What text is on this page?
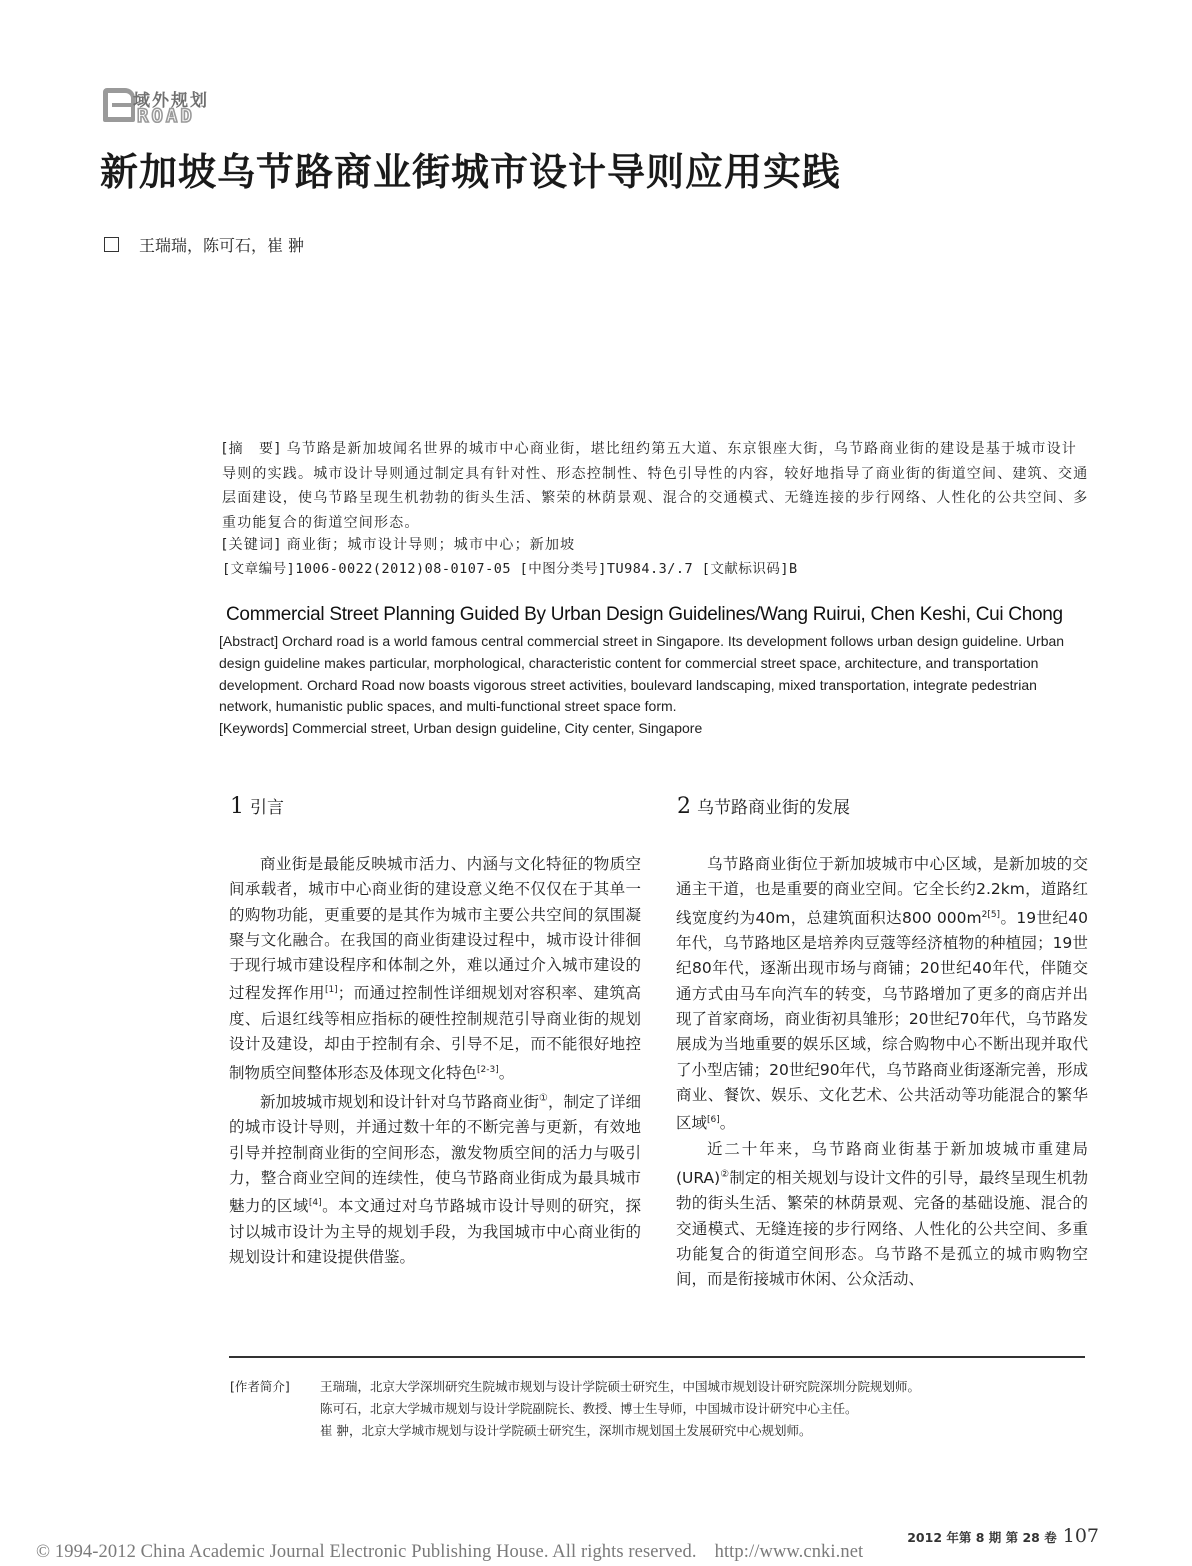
域外规划
ROAD
新加坡乌节路商业街城市设计导则应用实践
王瑞瑞，陈可石，崔 翀
[摘　要] 乌节路是新加坡闻名世界的城市中心商业街，堪比纽约第五大道、东京银座大街，乌节路商业街的建设是基于城市设计导则的实践。城市设计导则通过制定具有针对性、形态控制性、特色引导性的内容，较好地指导了商业街的街道空间、建筑、交通层面建设，使乌节路呈现生机勃勃的街头生活、繁荣的林荫景观、混合的交通模式、无缝连接的步行网络、人性化的公共空间、多重功能复合的街道空间形态。
[关键词] 商业街；城市设计导则；城市中心；新加坡
[文章编号]1006-0022(2012)08-0107-05 [中图分类号]TU984.3/.7 [文献标识码]B
Commercial Street Planning Guided By Urban Design Guidelines/Wang Ruirui, Chen Keshi, Cui Chong
[Abstract] Orchard road is a world famous central commercial street in Singapore. Its development follows urban design guideline. Urban design guideline makes particular, morphological, characteristic content for commercial street space, architecture, and transportation development. Orchard Road now boasts vigorous street activities, boulevard landscaping, mixed transportation, integrate pedestrian network, humanistic public spaces, and multi-functional street space form.
[Keywords] Commercial street, Urban design guideline, City center, Singapore
1 引言	2 乌节路商业街的发展

商业街是最能反映城市活力、内涵与文化特征的物质空间承载者，城市中心商业街的建设意义绝不仅仅在于其单一的购物功能，更重要的是其作为城市主要公共空间的氛围凝聚与文化融合。在我国的商业街建设过程中，城市设计徘徊于现行城市建设程序和体制之外，难以通过介入城市建设的过程发挥作用[1]；而通过控制性详细规划对容积率、建筑高度、后退红线等相应指标的硬性控制规范引导商业街的规划设计及建设，却由于控制有余、引导不足，而不能很好地控制物质空间整体形态及体现文化特色[2-3]。

新加坡城市规划和设计针对乌节路商业街①，制定了详细的城市设计导则，并通过数十年的不断完善与更新，有效地引导并控制商业街的空间形态，激发物质空间的活力与吸引力，整合商业空间的连续性，使乌节路商业街成为最具城市魅力的区域[4]。本文通过对乌节路城市设计导则的研究，探讨以城市设计为主导的规划手段，为我国城市中心商业街的规划设计和建设提供借鉴。

乌节路商业街位于新加坡城市中心区域，是新加坡的交通主干道，也是重要的商业空间。它全长约2.2km，道路红线宽度约为40m，总建筑面积达800 $000m^{2[5]}$。19世纪40年代，乌节路地区是培养肉豆蔻等经济植物的种植园；19世纪80年代，逐渐出现市场与商铺；20世纪40年代，伴随交通方式由马车向汽车的转变，乌节路增加了更多的商店并出现了首家商场，商业街初具雏形；20世纪70年代，乌节路发展成为当地重要的娱乐区域，综合购物中心不断出现并取代了小型店铺；20世纪90年代，乌节路商业街逐渐完善，形成商业、餐饮、娱乐、文化艺术、公共活动等功能混合的繁华区域[6]。

近二十年来，乌节路商业街基于新加坡城市重建局(URA)②制定的相关规划与设计文件的引导，最终呈现生机勃勃的街头生活、繁荣的林荫景观、完备的基础设施、混合的交通模式、无缝连接的步行网络、人性化的公共空间、多重功能复合的街道空间形态。乌节路不是孤立的城市购物空间，而是衔接城市休闲、公众活动、

[作者简介] 王瑞瑞，北京大学深圳研究生院城市规划与设计学院硕士研究生，中国城市规划设计研究院深圳分院规划师。
陈可石，北京大学城市规划与设计学院副院长、教授、博士生导师，中国城市设计研究中心主任。
崔 翀，北京大学城市规划与设计学院硕士研究生，深圳市规划国土发展研究中心规划师。
2012 年第 8 期 第 28 卷 107
© 1994-2012 China Academic Journal Electronic Publishing House. All rights reserved. http://www.cnki.net
